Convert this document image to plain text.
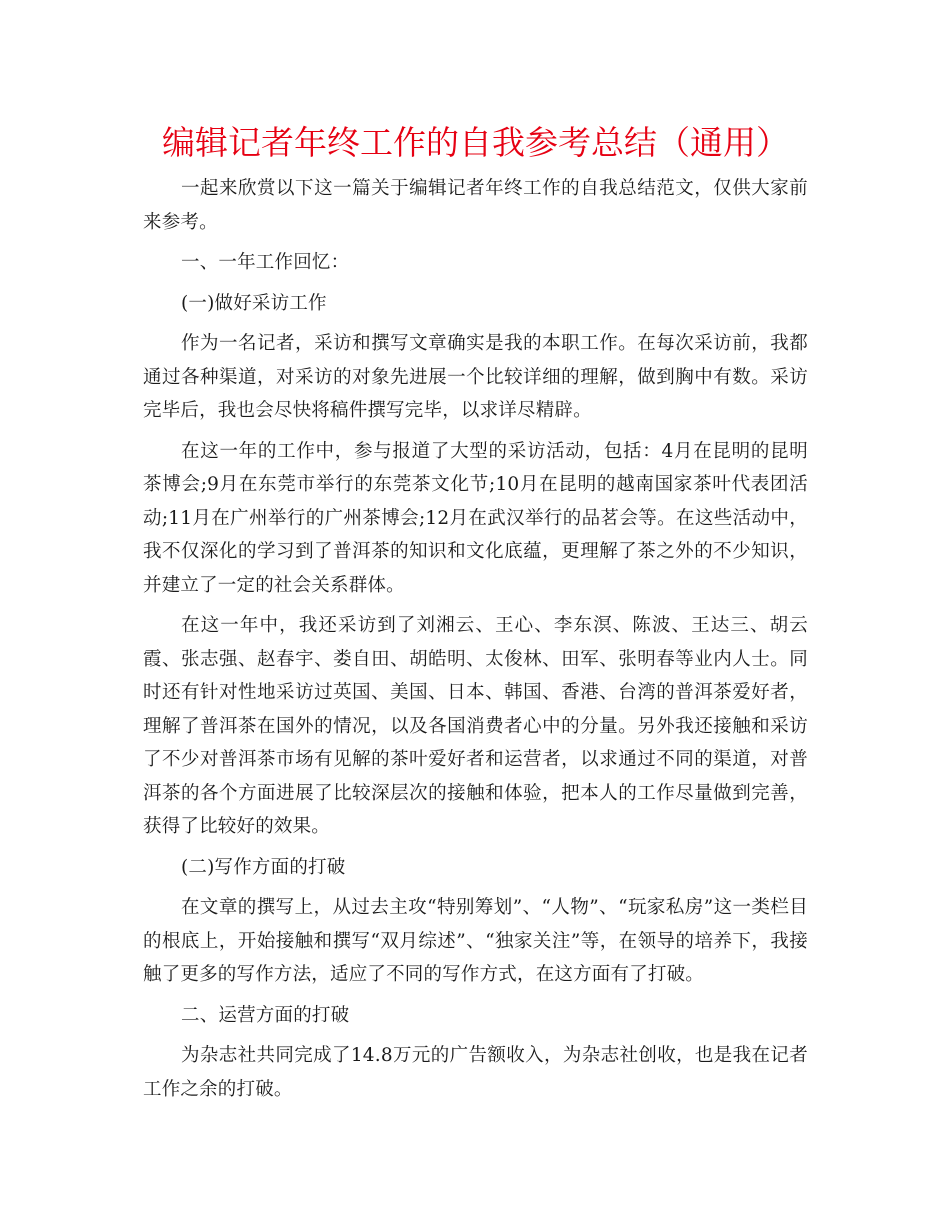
编辑记者年终工作的自我参考总结（通用）

一起来欣赏以下这一篇关于编辑记者年终工作的自我总结范文，仅供大家前来参考。

一、一年工作回忆：

(一)做好采访工作

作为一名记者，采访和撰写文章确实是我的本职工作。在每次采访前，我都通过各种渠道，对采访的对象先进展一个比较详细的理解，做到胸中有数。采访完毕后，我也会尽快将稿件撰写完毕，以求详尽精辟。

在这一年的工作中，参与报道了大型的采访活动，包括：4月在昆明的昆明茶博会;9月在东莞市举行的东莞茶文化节;10月在昆明的越南国家茶叶代表团活动;11月在广州举行的广州茶博会;12月在武汉举行的品茗会等。在这些活动中，我不仅深化的学习到了普洱茶的知识和文化底蕴，更理解了茶之外的不少知识，并建立了一定的社会关系群体。

在这一年中，我还采访到了刘湘云、王心、李东溟、陈波、王达三、胡云霞、张志强、赵春宇、娄自田、胡皓明、太俊林、田军、张明春等业内人士。同时还有针对性地采访过英国、美国、日本、韩国、香港、台湾的普洱茶爱好者，理解了普洱茶在国外的情况，以及各国消费者心中的分量。另外我还接触和采访了不少对普洱茶市场有见解的茶叶爱好者和运营者，以求通过不同的渠道，对普洱茶的各个方面进展了比较深层次的接触和体验，把本人的工作尽量做到完善，获得了比较好的效果。

(二)写作方面的打破

在文章的撰写上，从过去主攻“特别筹划”、“人物”、“玩家私房”这一类栏目的根底上，开始接触和撰写“双月综述”、“独家关注”等，在领导的培养下，我接触了更多的写作方法，适应了不同的写作方式，在这方面有了打破。

二、运营方面的打破

为杂志社共同完成了14.8万元的广告额收入，为杂志社创收，也是我在记者工作之余的打破。
